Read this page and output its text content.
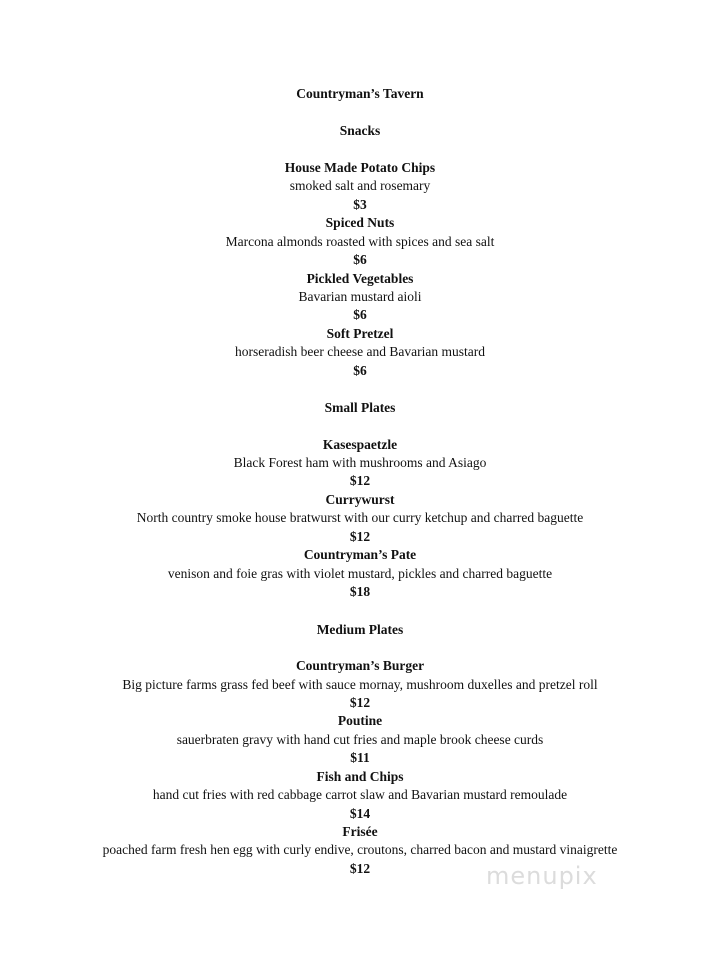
Countryman’s Tavern
Snacks
House Made Potato Chips
smoked salt and rosemary
$3
Spiced Nuts
Marcona almonds roasted with spices and sea salt
$6
Pickled Vegetables
Bavarian mustard aioli
$6
Soft Pretzel
horseradish beer cheese and Bavarian mustard
$6
Small Plates
Kasespaetzle
Black Forest ham with mushrooms and Asiago
$12
Currywurst
North country smoke house bratwurst with our curry ketchup and charred baguette
$12
Countryman’s Pate
venison and foie gras with violet mustard, pickles and charred baguette
$18
Medium Plates
Countryman’s Burger
Big picture farms grass fed beef with sauce mornay, mushroom duxelles and pretzel roll
$12
Poutine
sauerbraten gravy with hand cut fries and maple brook cheese curds
$11
Fish and Chips
hand cut fries with red cabbage carrot slaw and Bavarian mustard remoulade
$14
Frisée
poached farm fresh hen egg with curly endive, croutons, charred bacon and mustard vinaigrette
$12	menupix
